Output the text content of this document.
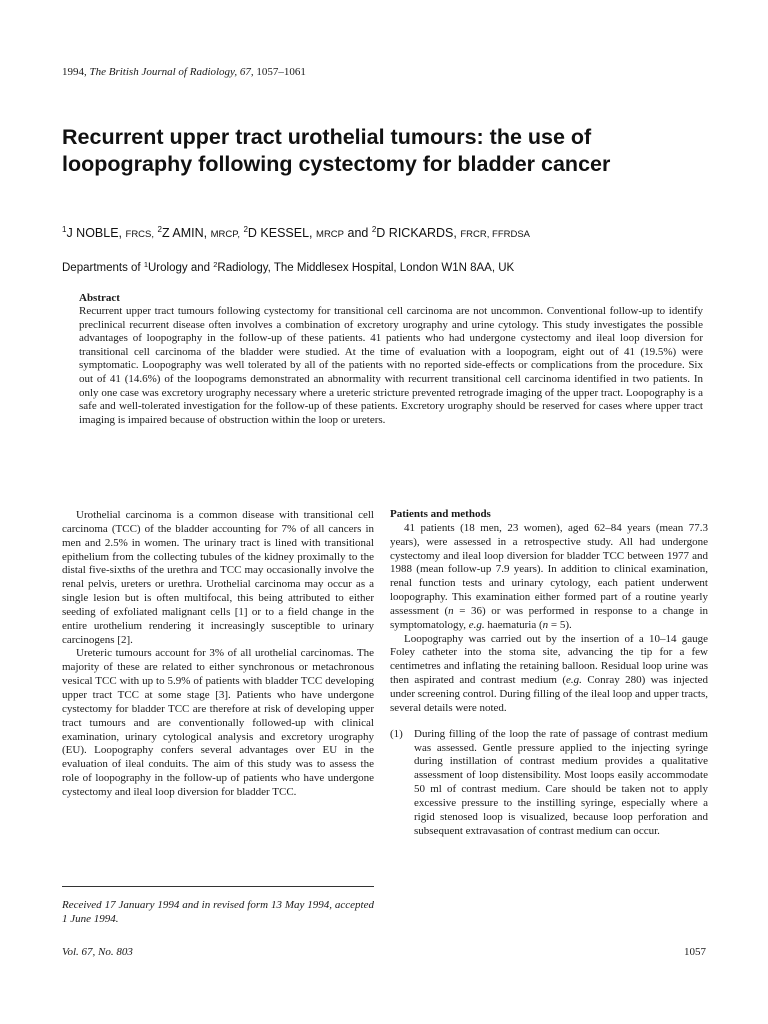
1994, The British Journal of Radiology, 67, 1057–1061
Recurrent upper tract urothelial tumours: the use of loopography following cystectomy for bladder cancer
$^1$J NOBLE, FRCS, $^2$Z AMIN, MRCP, $^2$D KESSEL, MRCP and $^2$D RICKARDS, FRCR, FFRDSA
Departments of $^1$Urology and $^2$Radiology, The Middlesex Hospital, London W1N 8AA, UK
Abstract

Recurrent upper tract tumours following cystectomy for transitional cell carcinoma are not uncommon. Conventional follow-up to identify preclinical recurrent disease often involves a combination of excretory urography and urine cytology. This study investigates the possible advantages of loopography in the follow-up of these patients. 41 patients who had undergone cystectomy and ileal loop diversion for transitional cell carcinoma of the bladder were studied. At the time of evaluation with a loopogram, eight out of 41 (19.5%) were symptomatic. Loopography was well tolerated by all of the patients with no reported side-effects or complications from the procedure. Six out of 41 (14.6%) of the loopograms demonstrated an abnormality with recurrent transitional cell carcinoma identified in two patients. In only one case was excretory urography necessary where a ureteric stricture prevented retrograde imaging of the upper tract. Loopography is a safe and well-tolerated investigation for the follow-up of these patients. Excretory urography should be reserved for cases where upper tract imaging is impaired because of obstruction within the loop or ureters.

Urothelial carcinoma is a common disease with transitional cell carcinoma (TCC) of the bladder accounting for 7% of all cancers in men and 2.5% in women. The urinary tract is lined with transitional epithelium from the collecting tubules of the kidney proximally to the distal five-sixths of the urethra and TCC may occasionally involve the renal pelvis, ureters or urethra. Urothelial carcinoma may occur as a single lesion but is often multifocal, this being attributed to either seeding of exfoliated malignant cells [1] or to a field change in the entire urothelium rendering it increasingly susceptible to urinary carcinogens [2].

Ureteric tumours account for 3% of all urothelial carcinomas. The majority of these are related to either synchronous or metachronous vesical TCC with up to 5.9% of patients with bladder TCC developing upper tract TCC at some stage [3]. Patients who have undergone cystectomy for bladder TCC are therefore at risk of developing upper tract tumours and are conventionally followed-up with clinical examination, urinary cytological analysis and excretory urography (EU). Loopography confers several advantages over EU in the evaluation of ileal conduits. The aim of this study was to assess the role of loopography in the follow-up of patients who have undergone cystectomy and ileal loop diversion for bladder TCC.

Patients and methods

41 patients (18 men, 23 women), aged 62–84 years (mean 77.3 years), were assessed in a retrospective study. All had undergone cystectomy and ileal loop diversion for bladder TCC between 1977 and 1988 (mean follow-up 7.9 years). In addition to clinical examination, renal function tests and urinary cytology, each patient underwent loopography. This examination either formed part of a routine yearly assessment (n = 36) or was performed in response to a change in symptomatology, e.g. haematuria (n = 5).

Loopography was carried out by the insertion of a 10–14 gauge Foley catheter into the stoma site, advancing the tip for a few centimetres and inflating the retaining balloon. Residual loop urine was then aspirated and contrast medium (e.g. Conray 280) was injected under screening control. During filling of the ileal loop and upper tracts, several details were noted.

(1)	During filling of the loop the rate of passage of contrast medium was assessed. Gentle pressure applied to the injecting syringe during instillation of contrast medium provides a qualitative assessment of loop distensibility. Most loops easily accommodate 50 ml of contrast medium. Care should be taken not to apply excessive pressure to the instilling syringe, especially where a rigid stenosed loop is visualized, because loop perforation and subsequent extravasation of contrast medium can occur.

Received 17 January 1994 and in revised form 13 May 1994, accepted 1 June 1994.

Vol. 67, No. 803	1057
